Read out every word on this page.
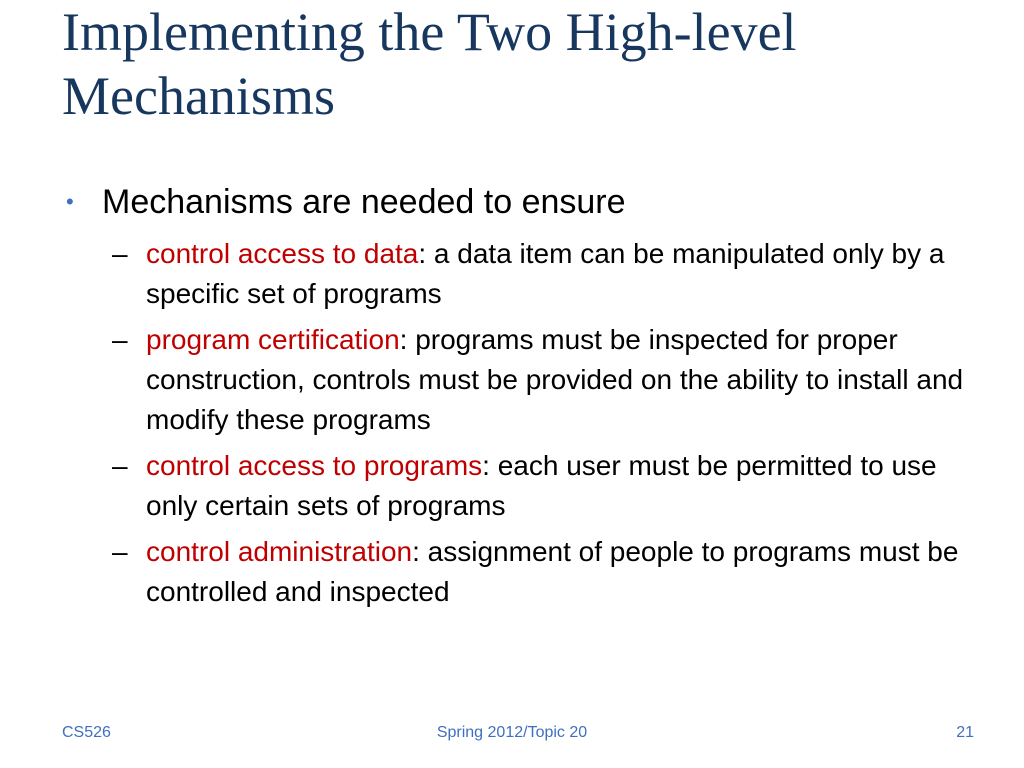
Implementing the Two High-level Mechanisms
• Mechanisms are needed to ensure
– control access to data: a data item can be manipulated only by a specific set of programs
– program certification: programs must be inspected for proper construction, controls must be provided on the ability to install and modify these programs
– control access to programs: each user must be permitted to use only certain sets of programs
– control administration: assignment of people to programs must be controlled and inspected
CS526	Spring 2012/Topic 20	21
